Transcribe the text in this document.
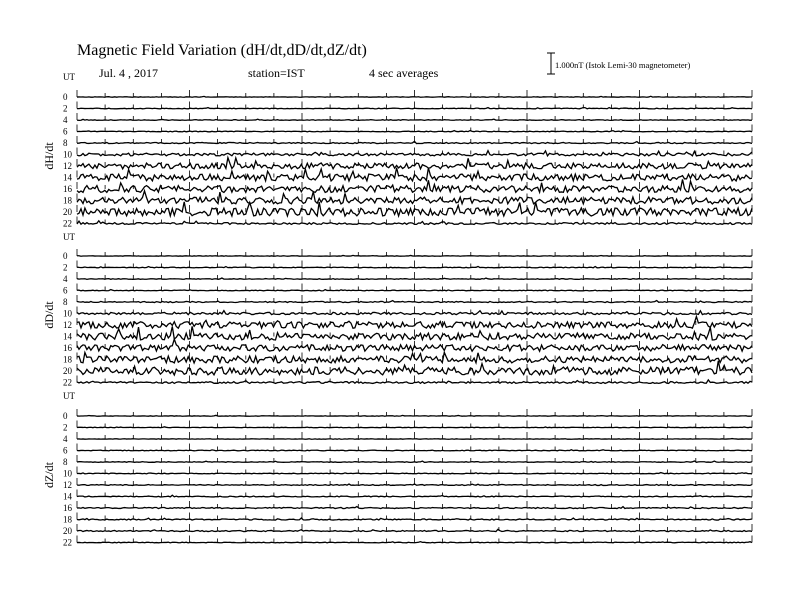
Magnetic Field Variation (dH/dt,dD/dt,dZ/dt)
Jul. 4 , 2017	station=IST	4 sec averages
1.000nT (Istok Lemi-30 magnetometer)
UT
dH/dt
0
2
4
6
8
10
12
14
16
18
20
22
UT
dD/dt
0
2
4
6
8
10
12
14
16
18
20
22
UT
dZ/dt
0
2
4
6
8
10
12
14
16
18
20
22
